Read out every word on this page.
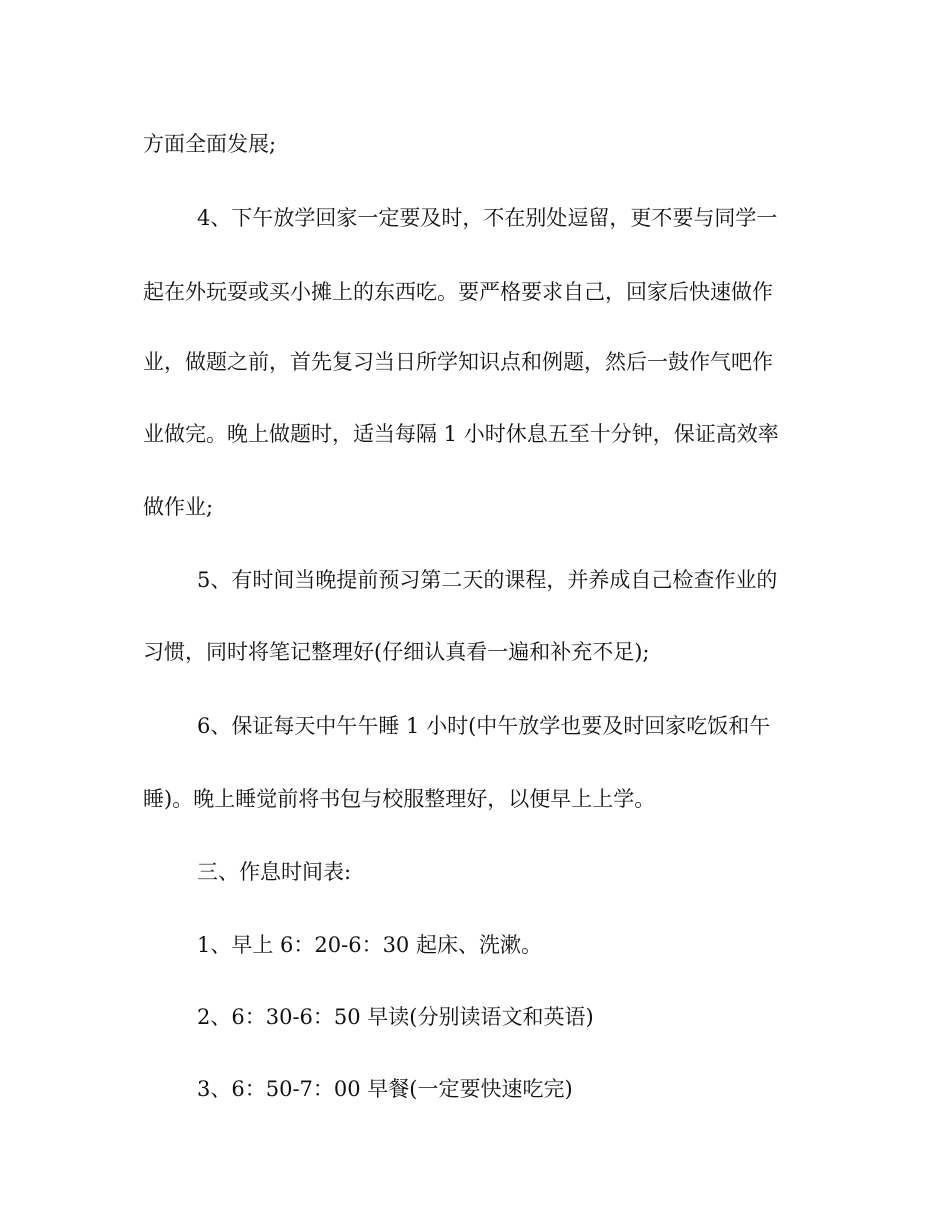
方面全面发展;
4、下午放学回家一定要及时，不在别处逗留，更不要与同学一
起在外玩耍或买小摊上的东西吃。要严格要求自己，回家后快速做作
业，做题之前，首先复习当日所学知识点和例题，然后一鼓作气吧作
业做完。晚上做题时，适当每隔 1 小时休息五至十分钟，保证高效率
做作业;
5、有时间当晚提前预习第二天的课程，并养成自己检查作业的
习惯，同时将笔记整理好(仔细认真看一遍和补充不足);
6、保证每天中午午睡 1 小时(中午放学也要及时回家吃饭和午
睡)。晚上睡觉前将书包与校服整理好，以便早上上学。
三、作息时间表:
1、早上 6：20-6：30 起床、洗漱。
2、6：30-6：50 早读(分别读语文和英语)
3、6：50-7：00 早餐(一定要快速吃完)
